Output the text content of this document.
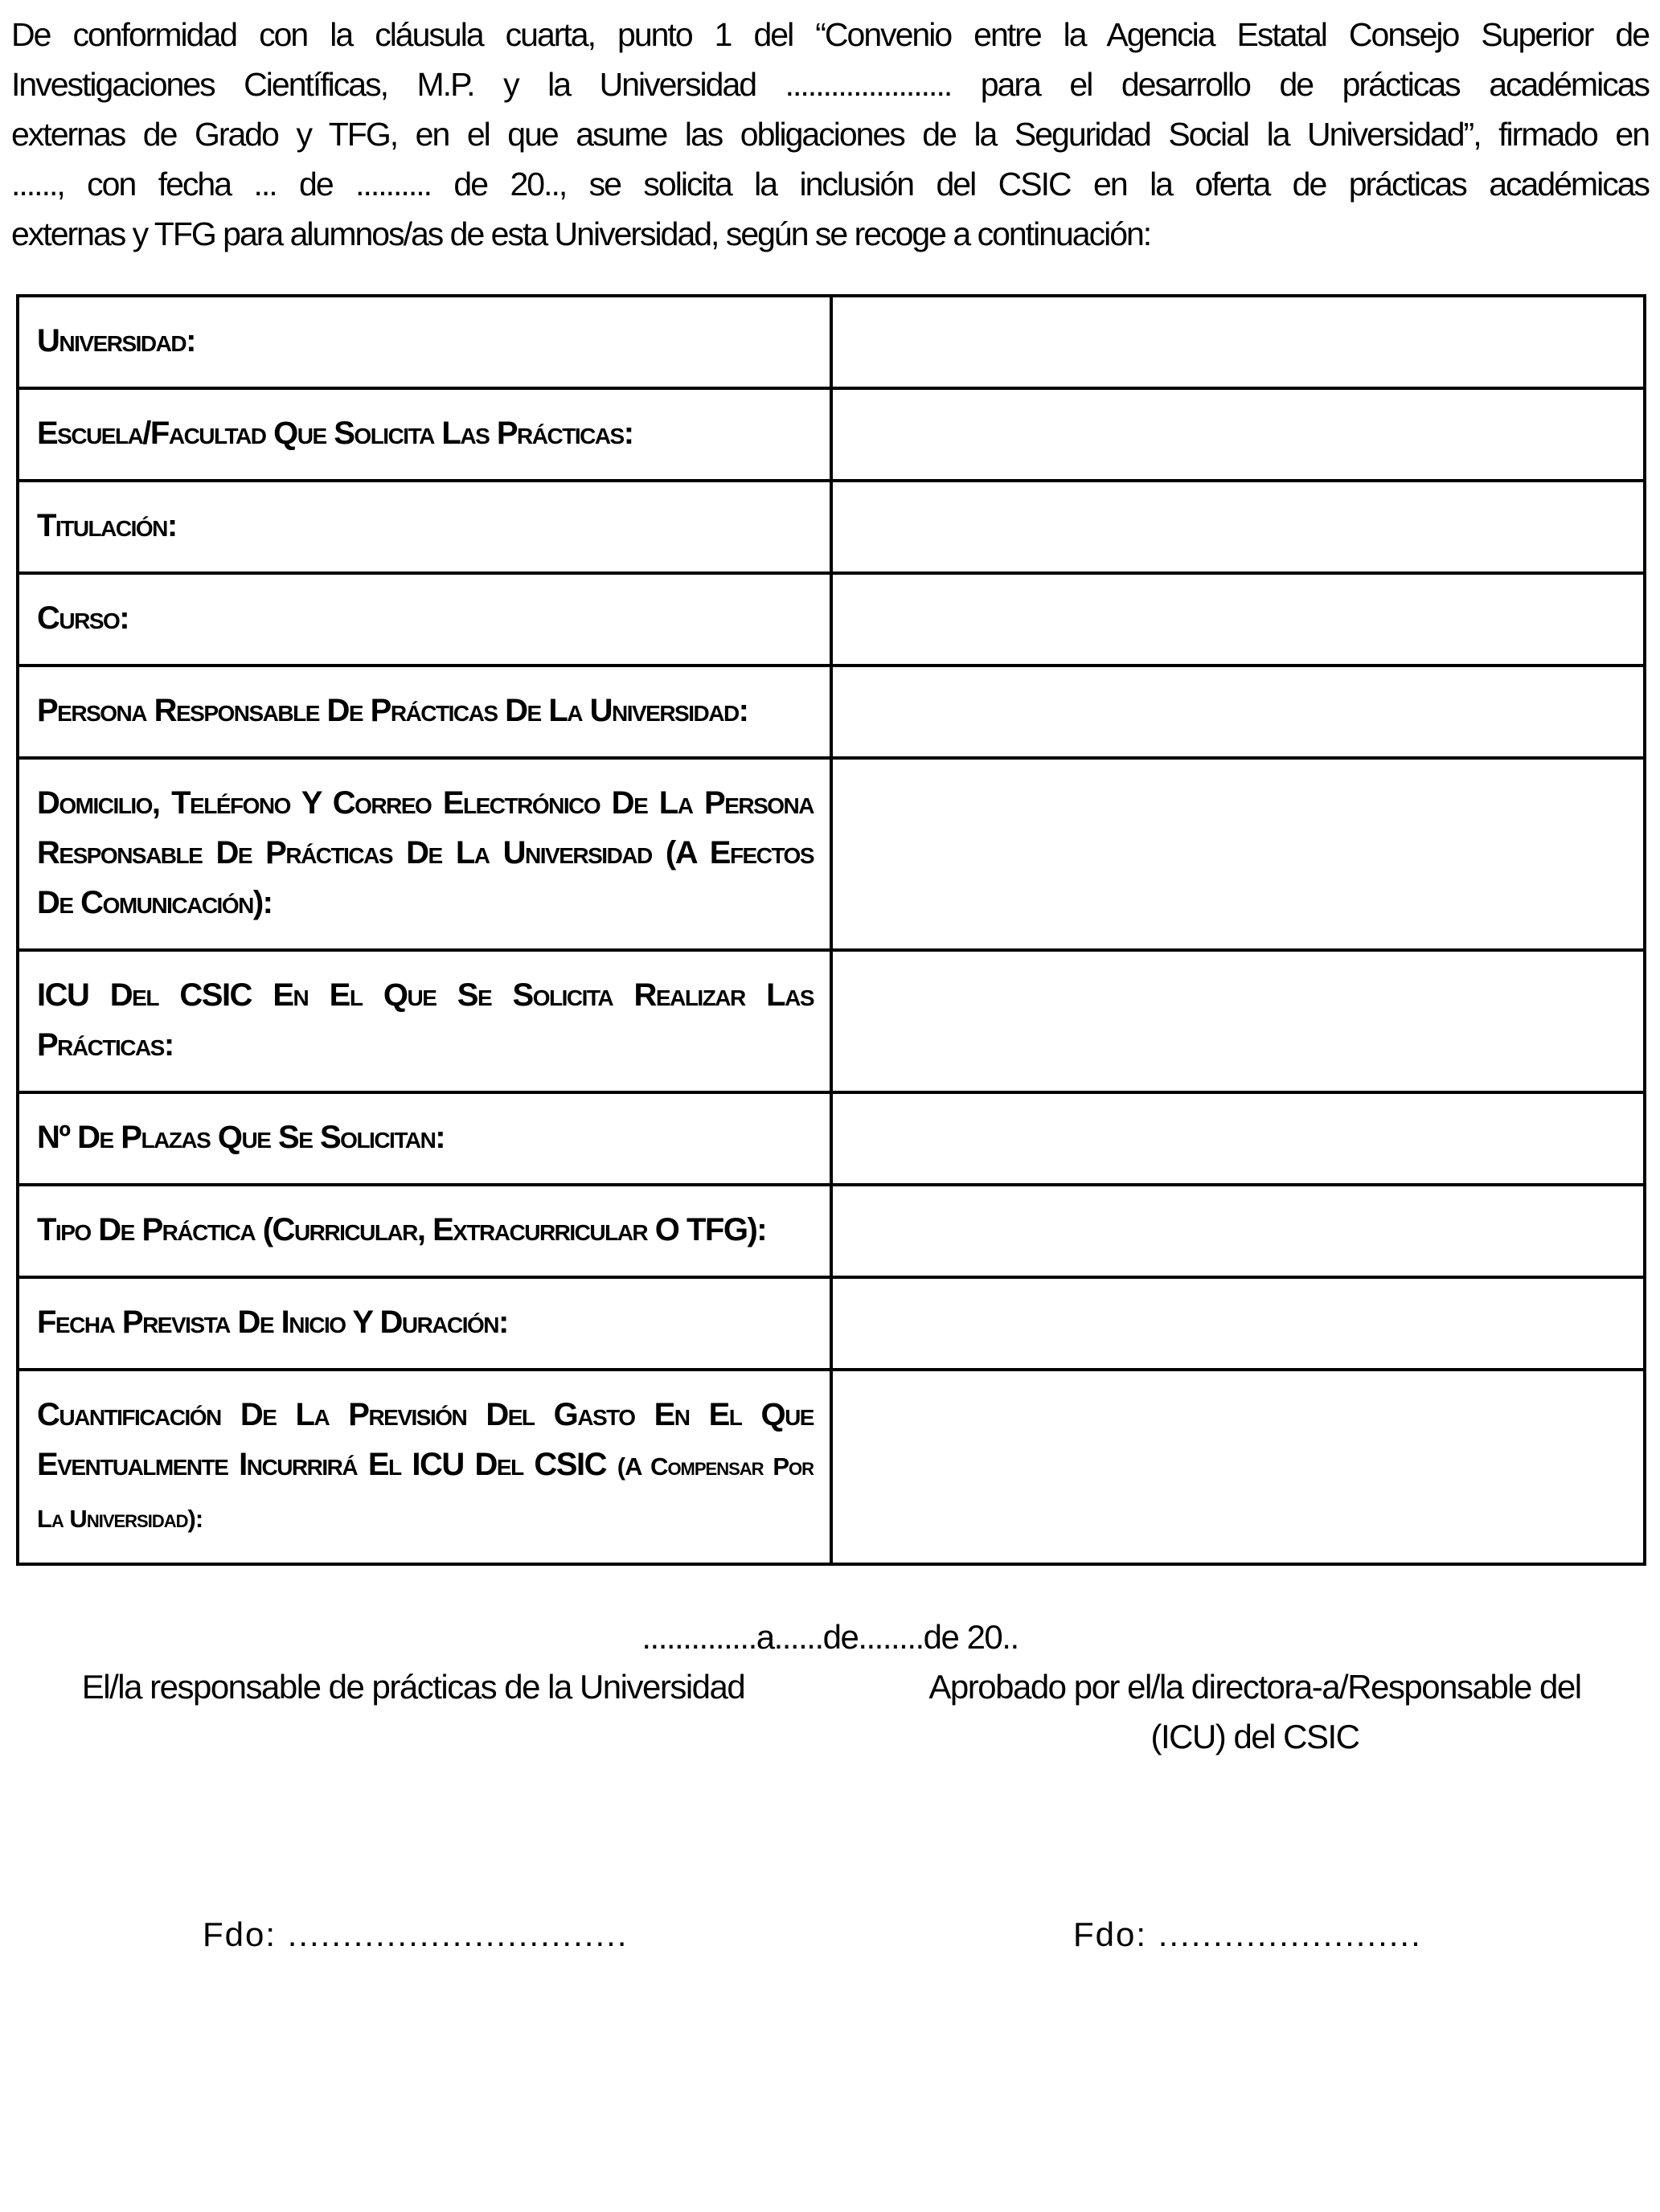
De conformidad con la cláusula cuarta, punto 1 del “Convenio entre la Agencia Estatal Consejo Superior de
Investigaciones Científicas, M.P. y la Universidad ...................... para el desarrollo de prácticas académicas
externas de Grado y TFG, en el que asume las obligaciones de la Seguridad Social la Universidad”, firmado en
......, con fecha ... de .......... de 20.., se solicita la inclusión del CSIC en la oferta de prácticas académicas
externas y TFG para alumnos/as de esta Universidad, según se recoge a continuación:
Universidad:	
Escuela/Facultad Que Solicita Las Prácticas:	
Titulación:	
Curso:	
Persona Responsable De Prácticas De La Universidad:	
Domicilio, Teléfono Y Correo Electrónico De La Persona Responsable De Prácticas De La Universidad (A Efectos De Comunicación):	
ICU Del CSIC En El Que Se Solicita Realizar Las Prácticas:	
Nº De Plazas Que Se Solicitan:	
Tipo De Práctica (Curricular, Extracurricular O TFG):	
Fecha Prevista De Inicio Y Duración:	
Cuantificación De La Previsión Del Gasto En El Que Eventualmente Incurrirá El ICU Del CSIC (A Compensar Por La Universidad):	
..............a......de........de 20..
El/la responsable de prácticas de la Universidad	Aprobado por el/la directora-a/Responsable del
(ICU) del CSIC
Fdo: ...............................	Fdo: ........................
